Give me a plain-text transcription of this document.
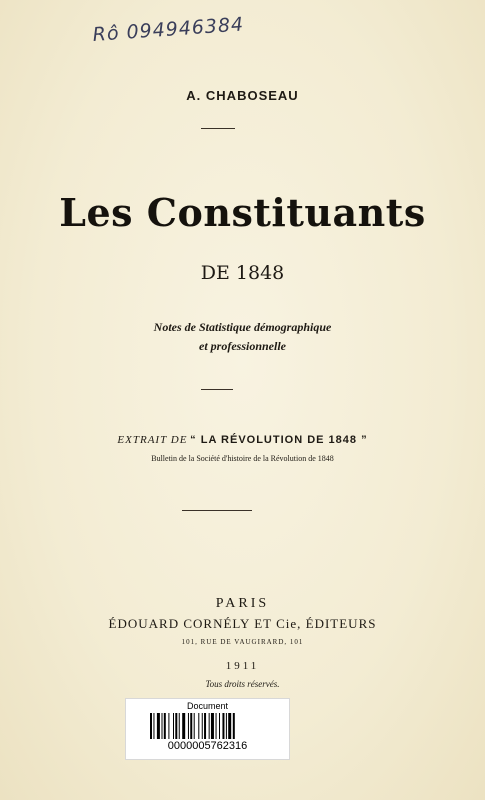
Rô 094946384
A. CHABOSEAU
Les Constituants
DE 1848
Notes de Statistique démographique
et professionnelle
EXTRAIT DE “ LA RÉVOLUTION DE 1848 ”
Bulletin de la Société d'histoire de la Révolution de 1848
PARIS
ÉDOUARD CORNÉLY ET Cie, ÉDITEURS
101, RUE DE VAUGIRARD, 101
1911
Tous droits réservés.
Document
0000005762316
